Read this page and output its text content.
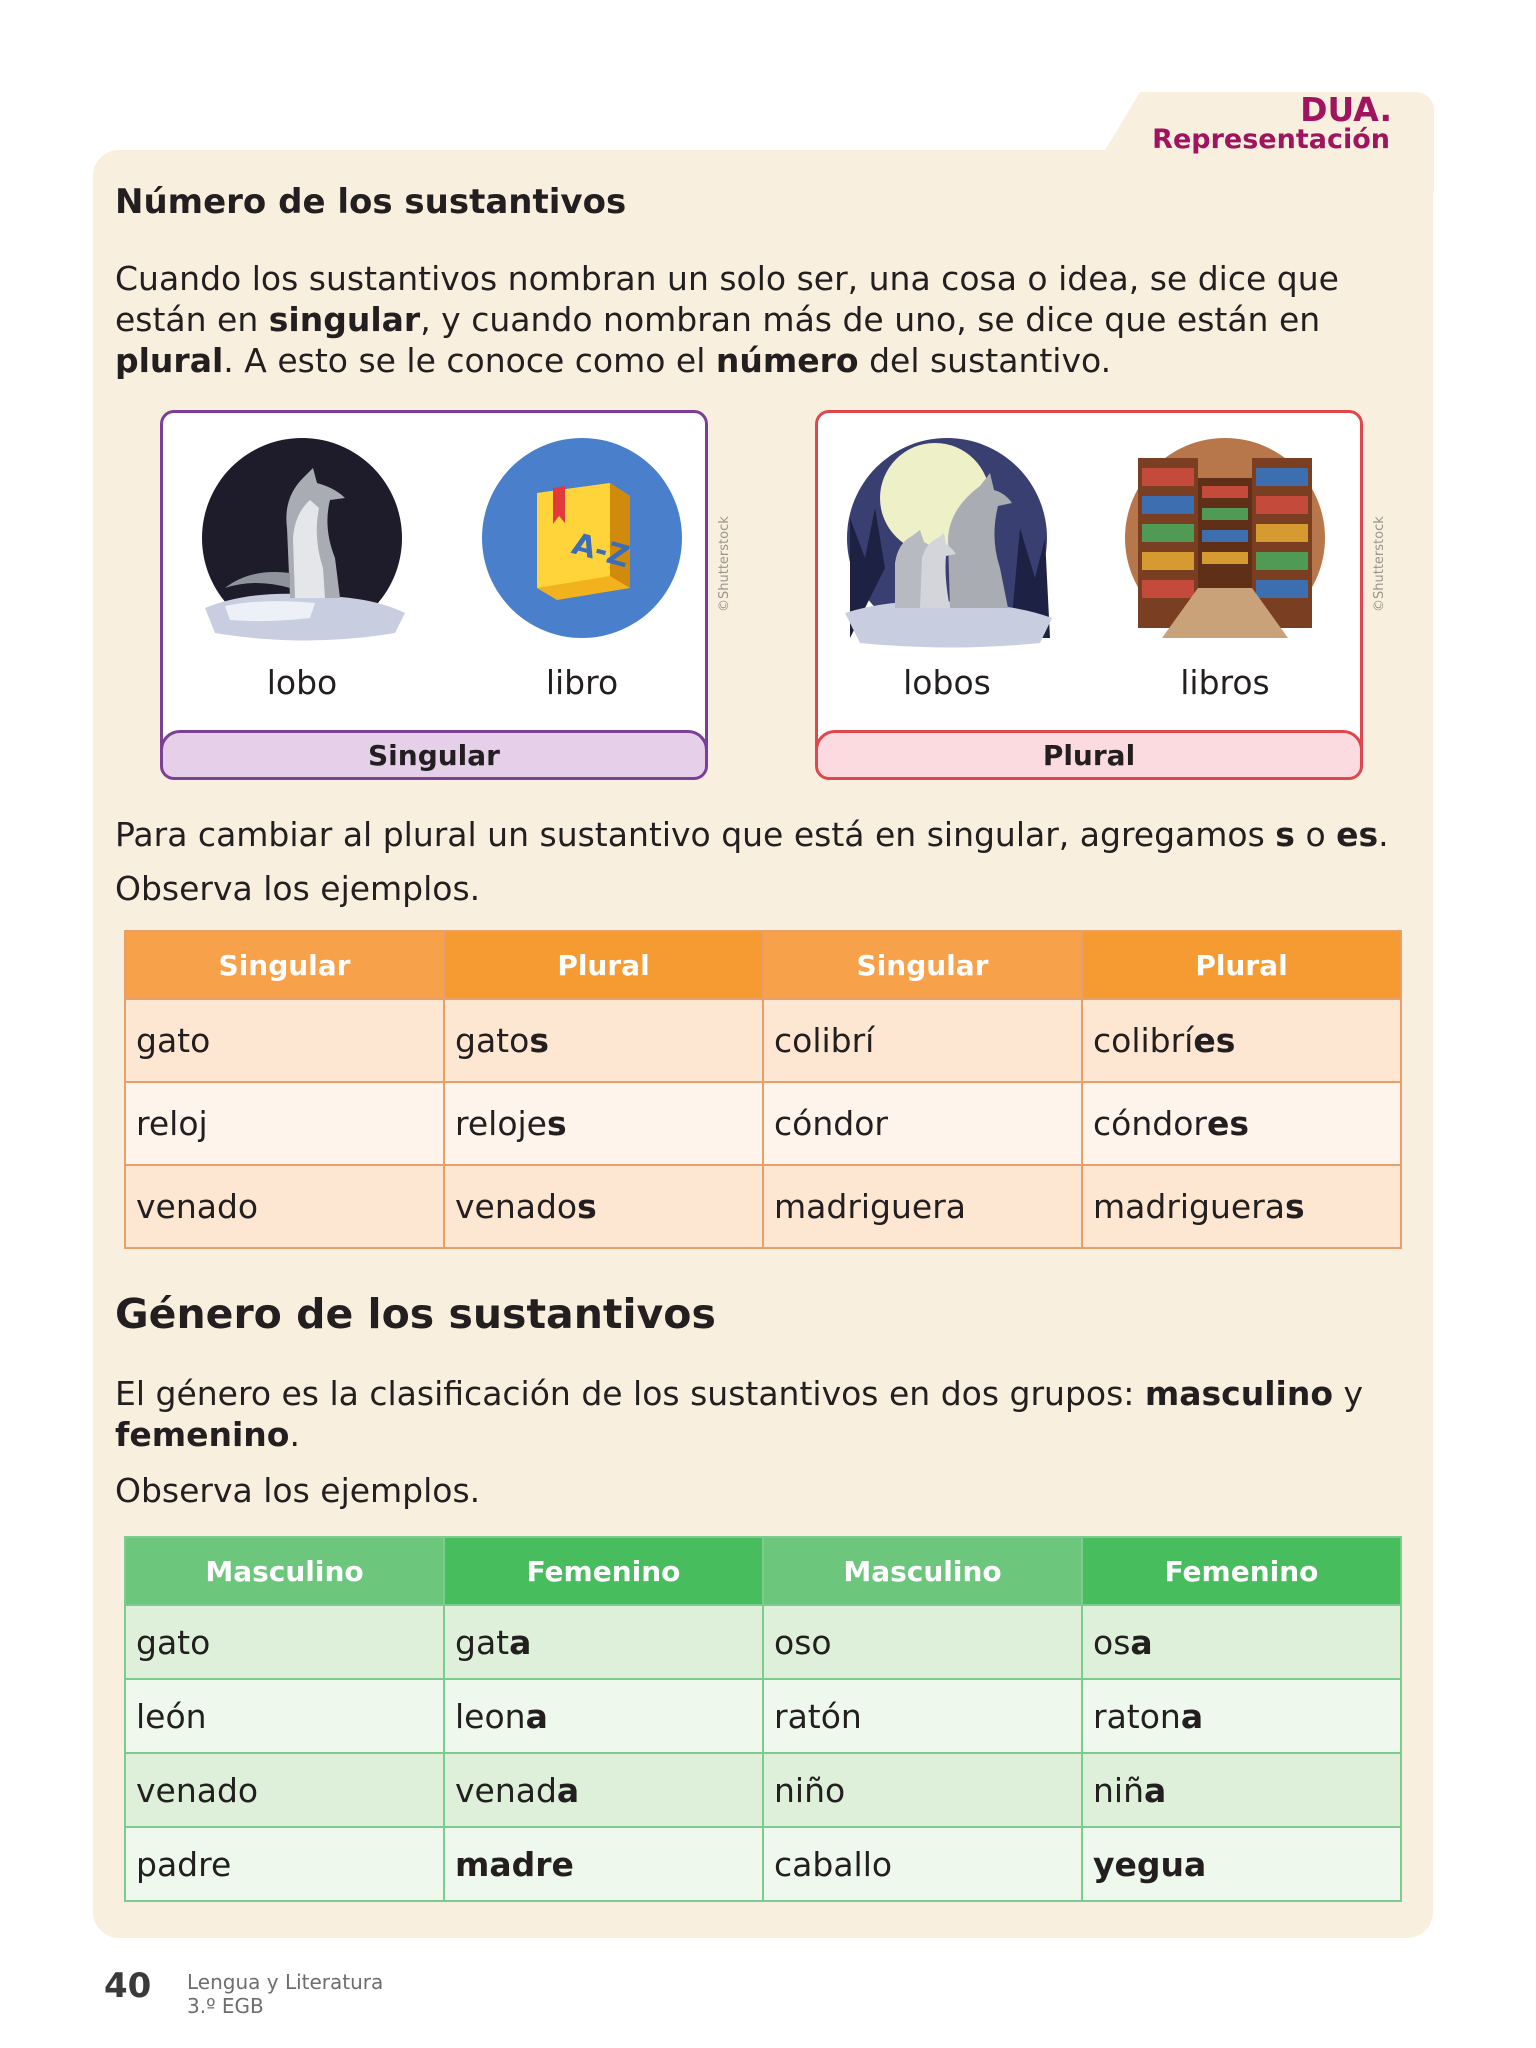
DUA.

Representación

Número de los sustantivos

Cuando los sustantivos nombran un solo ser, una cosa o idea, se dice que están en singular, y cuando nombran más de uno, se dice que están en plural. A esto se le conoce como el número del sustantivo.

A-Z
lobo	libro
Singular
©Shutterstock
lobos	libros
Plural
©Shutterstock

Para cambiar al plural un sustantivo que está en singular, agregamos s o es.

Observa los ejemplos.

Singular	Plural	Singular	Plural
gato	gatos	colibrí	colibríes
reloj	relojes	cóndor	cóndores
venado	venados	madriguera	madrigueras
Género de los sustantivos

El género es la clasificación de los sustantivos en dos grupos: masculino y femenino.

Observa los ejemplos.

Masculino	Femenino	Masculino	Femenino
gato	gata	oso	osa
león	leona	ratón	ratona
venado	venada	niño	niña
padre	madre	caballo	yegua

40 Lengua y Literatura
3.º EGB
